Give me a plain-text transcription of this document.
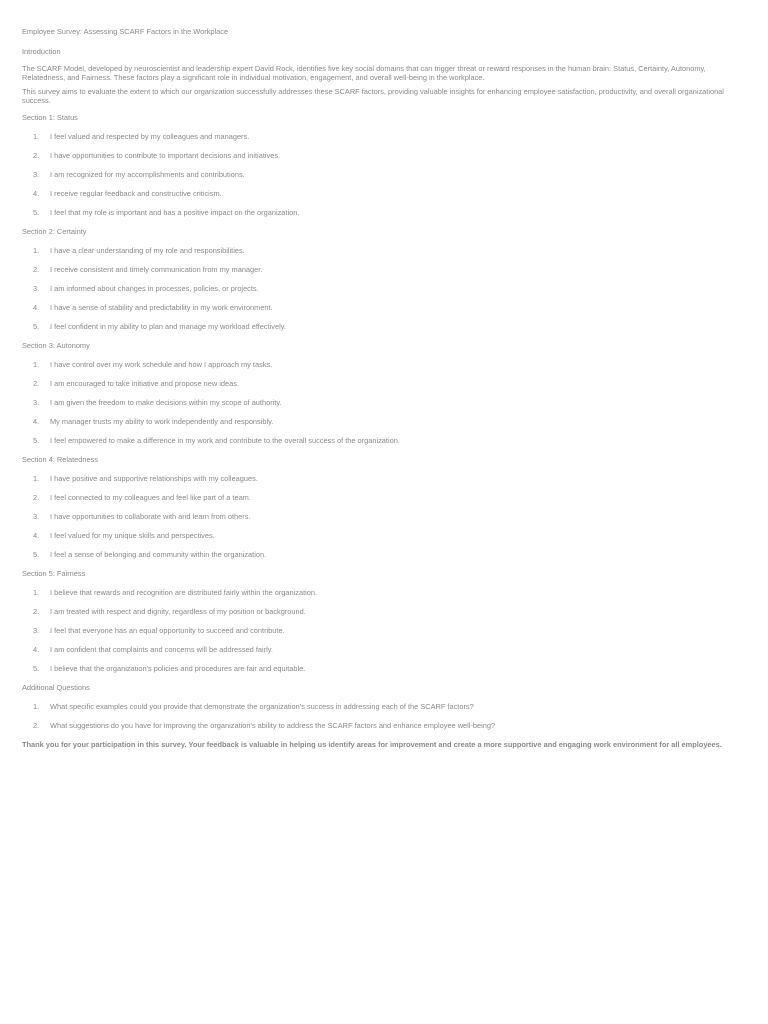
Employee Survey: Assessing SCARF Factors in the Workplace

Introduction

The SCARF Model, developed by neuroscientist and leadership expert David Rock, identifies five key social domains that can trigger threat or reward responses in the human brain: Status, Certainty, Autonomy, Relatedness, and Fairness. These factors play a significant role in individual motivation, engagement, and overall well-being in the workplace.

This survey aims to evaluate the extent to which our organization successfully addresses these SCARF factors, providing valuable insights for enhancing employee satisfaction, productivity, and overall organizational success.

Section 1: Status

1.	I feel valued and respected by my colleagues and managers.
2.	I have opportunities to contribute to important decisions and initiatives.
3.	I am recognized for my accomplishments and contributions.
4.	I receive regular feedback and constructive criticism.
5.	I feel that my role is important and has a positive impact on the organization.

Section 2: Certainty

1.	I have a clear understanding of my role and responsibilities.
2.	I receive consistent and timely communication from my manager.
3.	I am informed about changes in processes, policies, or projects.
4.	I have a sense of stability and predictability in my work environment.
5.	I feel confident in my ability to plan and manage my workload effectively.

Section 3: Autonomy

1.	I have control over my work schedule and how I approach my tasks.
2.	I am encouraged to take initiative and propose new ideas.
3.	I am given the freedom to make decisions within my scope of authority.
4.	My manager trusts my ability to work independently and responsibly.
5.	I feel empowered to make a difference in my work and contribute to the overall success of the organization.

Section 4: Relatedness

1.	I have positive and supportive relationships with my colleagues.
2.	I feel connected to my colleagues and feel like part of a team.
3.	I have opportunities to collaborate with and learn from others.
4.	I feel valued for my unique skills and perspectives.
5.	I feel a sense of belonging and community within the organization.

Section 5: Fairness

1.	I believe that rewards and recognition are distributed fairly within the organization.
2.	I am treated with respect and dignity, regardless of my position or background.
3.	I feel that everyone has an equal opportunity to succeed and contribute.
4.	I am confident that complaints and concerns will be addressed fairly.
5.	I believe that the organization's policies and procedures are fair and equitable.

Additional Questions

1.	What specific examples could you provide that demonstrate the organization's success in addressing each of the SCARF factors?
2.	What suggestions do you have for improving the organization's ability to address the SCARF factors and enhance employee well-being?

Thank you for your participation in this survey. Your feedback is valuable in helping us identify areas for improvement and create a more supportive and engaging work environment for all employees.
